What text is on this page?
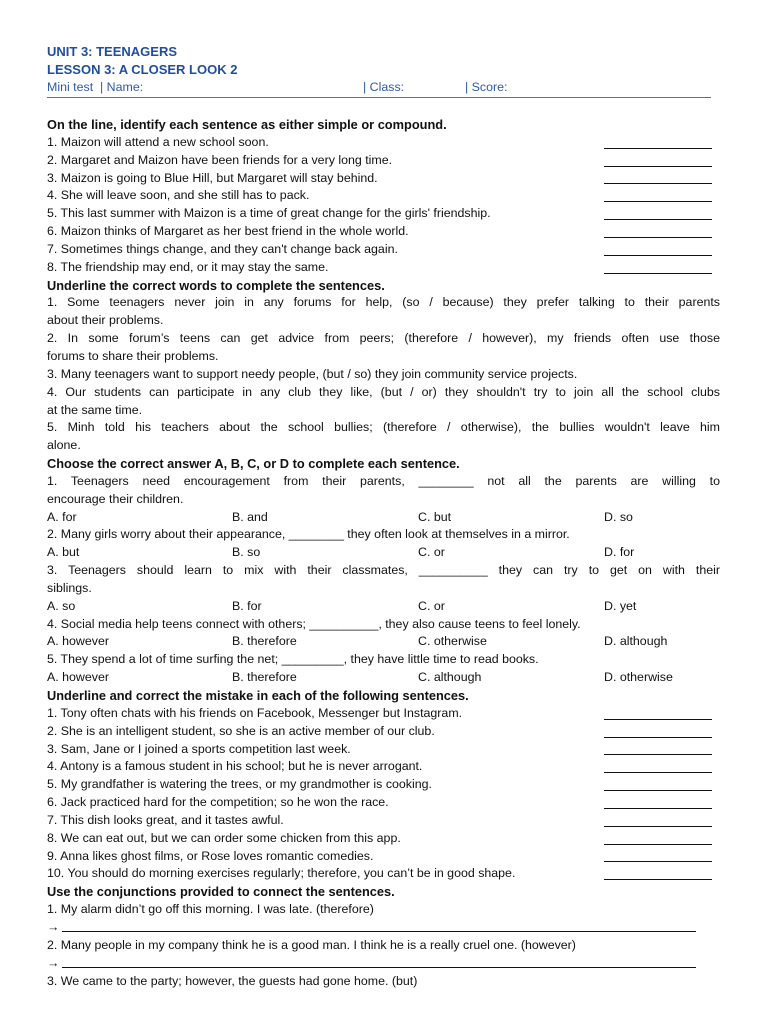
UNIT 3: TEENAGERS
LESSON 3: A CLOSER LOOK 2
Mini test  | Name:	| Class:	| Score:
On the line, identify each sentence as either simple or compound.
1. Maizon will attend a new school soon.
2. Margaret and Maizon have been friends for a very long time.
3. Maizon is going to Blue Hill, but Margaret will stay behind.
4. She will leave soon, and she still has to pack.
5. This last summer with Maizon is a time of great change for the girls' friendship.
6. Maizon thinks of Margaret as her best friend in the whole world.
7. Sometimes things change, and they can't change back again.
8. The friendship may end, or it may stay the same.
Underline the correct words to complete the sentences.
1. Some teenagers never join in any forums for help, (so / because) they prefer talking to their parents
about their problems.
2. In some forum’s teens can get advice from peers; (therefore / however), my friends often use those
forums to share their problems.
3. Many teenagers want to support needy people, (but / so) they join community service projects.
4. Our students can participate in any club they like, (but / or) they shouldn't try to join all the school clubs
at the same time.
5. Minh told his teachers about the school bullies; (therefore / otherwise), the bullies wouldn't leave him
alone.
Choose the correct answer A, B, C, or D to complete each sentence.
1. Teenagers need encouragement from their parents, ________ not all the parents are willing to
encourage their children.
A. for	B. and	C. but	D. so
2. Many girls worry about their appearance, ________ they often look at themselves in a mirror.
A. but	B. so	C. or	D. for
3. Teenagers should learn to mix with their classmates, __________ they can try to get on with their
siblings.
A. so	B. for	C. or	D. yet
4. Social media help teens connect with others; __________, they also cause teens to feel lonely.
A. however	B. therefore	C. otherwise	D. although
5. They spend a lot of time surfing the net; _________, they have little time to read books.
A. however	B. therefore	C. although	D. otherwise
Underline and correct the mistake in each of the following sentences.
1. Tony often chats with his friends on Facebook, Messenger but Instagram.
2. She is an intelligent student, so she is an active member of our club.
3. Sam, Jane or I joined a sports competition last week.
4. Antony is a famous student in his school; but he is never arrogant.
5. My grandfather is watering the trees, or my grandmother is cooking.
6. Jack practiced hard for the competition; so he won the race.
7. This dish looks great, and it tastes awful.
8. We can eat out, but we can order some chicken from this app.
9. Anna likes ghost films, or Rose loves romantic comedies.
10. You should do morning exercises regularly; therefore, you can’t be in good shape.
Use the conjunctions provided to connect the sentences.
1. My alarm didn’t go off this morning. I was late. (therefore)
→
2. Many people in my company think he is a good man. I think he is a really cruel one. (however)
→
3. We came to the party; however, the guests had gone home. (but)
